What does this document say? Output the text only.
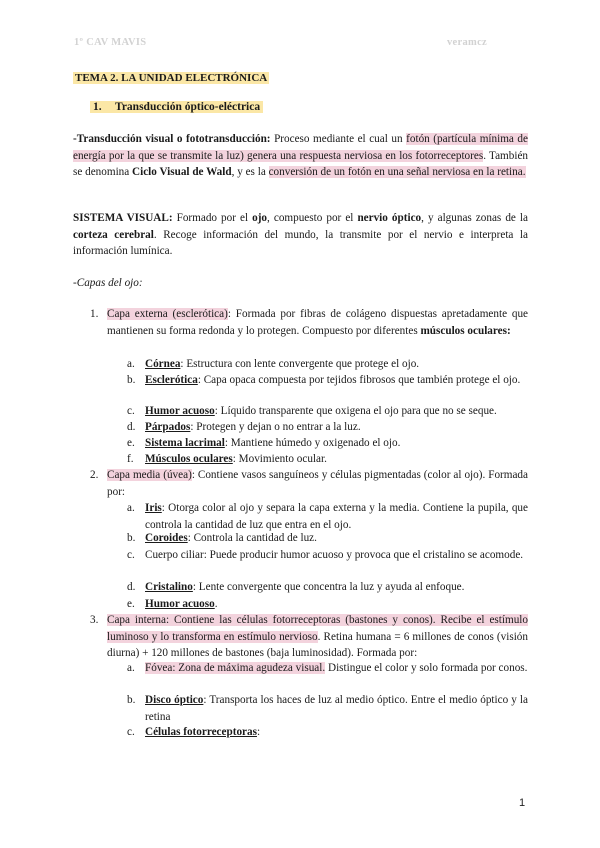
1º CAV MAVIS	veramcz
TEMA 2. LA UNIDAD ELECTRÓNICA
1. Transducción óptico-eléctrica

-Transducción visual o fototransducción: Proceso mediante el cual un fotón (partícula mínima de energía por la que se transmite la luz) genera una respuesta nerviosa en los fotorreceptores. También se denomina Ciclo Visual de Wald, y es la conversión de un fotón en una señal nerviosa en la retina.

SISTEMA VISUAL: Formado por el ojo, compuesto por el nervio óptico, y algunas zonas de la corteza cerebral. Recoge información del mundo, la transmite por el nervio e interpreta la información lumínica.

-Capas del ojo:

1. Capa externa (esclerótica): Formada por fibras de colágeno dispuestas apretadamente que mantienen su forma redonda y lo protegen. Compuesto por diferentes músculos oculares:

a. Córnea: Estructura con lente convergente que protege el ojo.

b. Esclerótica: Capa opaca compuesta por tejidos fibrosos que también protege el ojo.

c. Humor acuoso: Líquido transparente que oxigena el ojo para que no se seque.

d. Párpados: Protegen y dejan o no entrar a la luz.

e. Sistema lacrimal: Mantiene húmedo y oxigenado el ojo.

f. Músculos oculares: Movimiento ocular.

2. Capa media (úvea): Contiene vasos sanguíneos y células pigmentadas (color al ojo). Formada por:

a. Iris: Otorga color al ojo y separa la capa externa y la media. Contiene la pupila, que controla la cantidad de luz que entra en el ojo.

b. Coroides: Controla la cantidad de luz.

c. Cuerpo ciliar: Puede producir humor acuoso y provoca que el cristalino se acomode.

d. Cristalino: Lente convergente que concentra la luz y ayuda al enfoque.

e. Humor acuoso.

3. Capa interna: Contiene las células fotorreceptoras (bastones y conos). Recibe el estímulo luminoso y lo transforma en estímulo nervioso. Retina humana = 6 millones de conos (visión diurna) + 120 millones de bastones (baja luminosidad). Formada por:

a. Fóvea: Zona de máxima agudeza visual. Distingue el color y solo formada por conos.

b. Disco óptico: Transporta los haces de luz al medio óptico. Entre el medio óptico y la retina

c. Células fotorreceptoras:

1
